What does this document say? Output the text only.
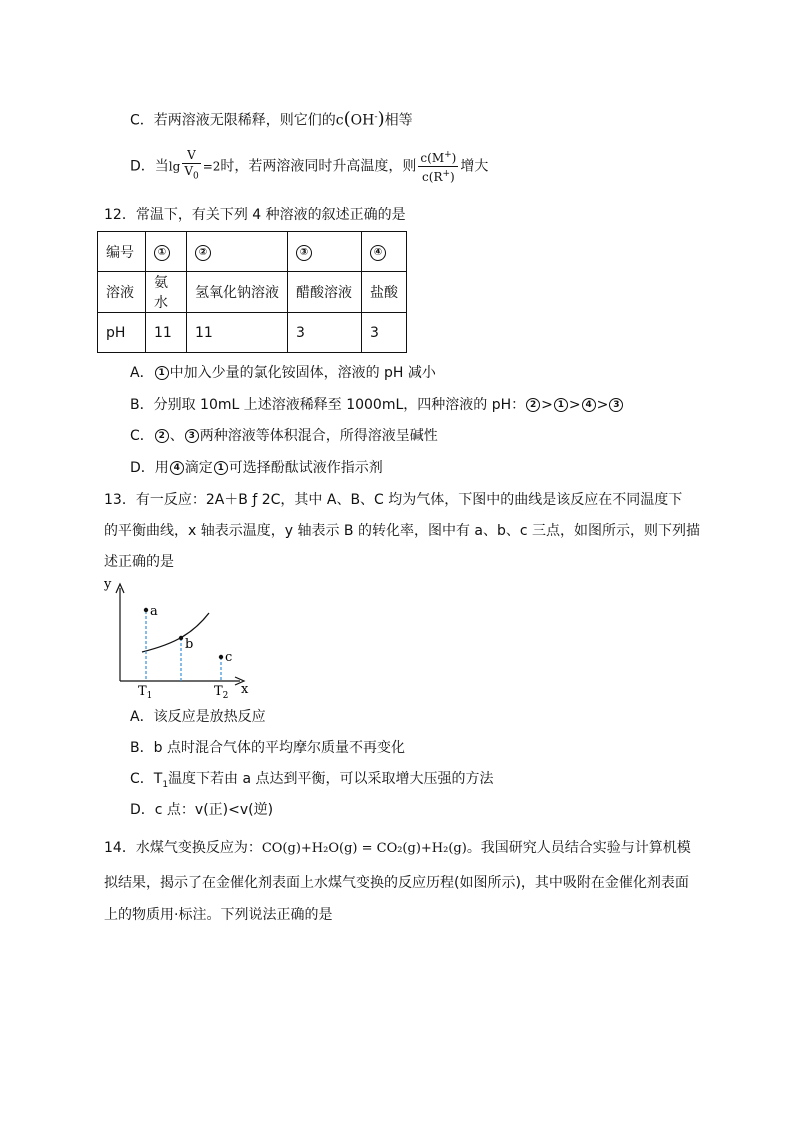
C．若两溶液无限稀释，则它们的c(OH-)相等
D．当$\lg \frac{V}{V_0} =2$时，若两溶液同时升高温度，则 $\frac{c(M^+)}{c(R^+)}$ 增大
12．常温下，有关下列 4 种溶液的叙述正确的是
编号	①	②	③	④
溶液	氨水	氢氧化钠溶液	醋酸溶液	盐酸
pH	11	11	3	3
A． 1 中加入少量的氯化铵固体，溶液的 pH 减小
B．分别取 10mL 上述溶液稀释至 1000mL，四种溶液的 pH： 2 > 1 > 4 > 3
C． 2 、 3 两种溶液等体积混合，所得溶液呈碱性
D．用 4 滴定 1 可选择酚酞试液作指示剂
13．有一反应：2A＋B ƒ 2C，其中 A、B、C 均为气体，下图中的曲线是该反应在不同温度下
的平衡曲线，x 轴表示温度，y 轴表示 B 的转化率，图中有 a、b、c 三点，如图所示，则下列描
述正确的是
y
x
a
b
c
$T_1$	$T_2$
A．该反应是放热反应
B．b 点时混合气体的平均摩尔质量不再变化
C．$T_1$温度下若由 a 点达到平衡，可以采取增大压强的方法
D．c 点：v(正)<v(逆)
14．水煤气变换反应为：CO(g)+H₂O(g) = CO₂(g)+H₂(g)。我国研究人员结合实验与计算机模
拟结果，揭示了在金催化剂表面上水煤气变换的反应历程(如图所示)，其中吸附在金催化剂表面
上的物质用·标注。下列说法正确的是
